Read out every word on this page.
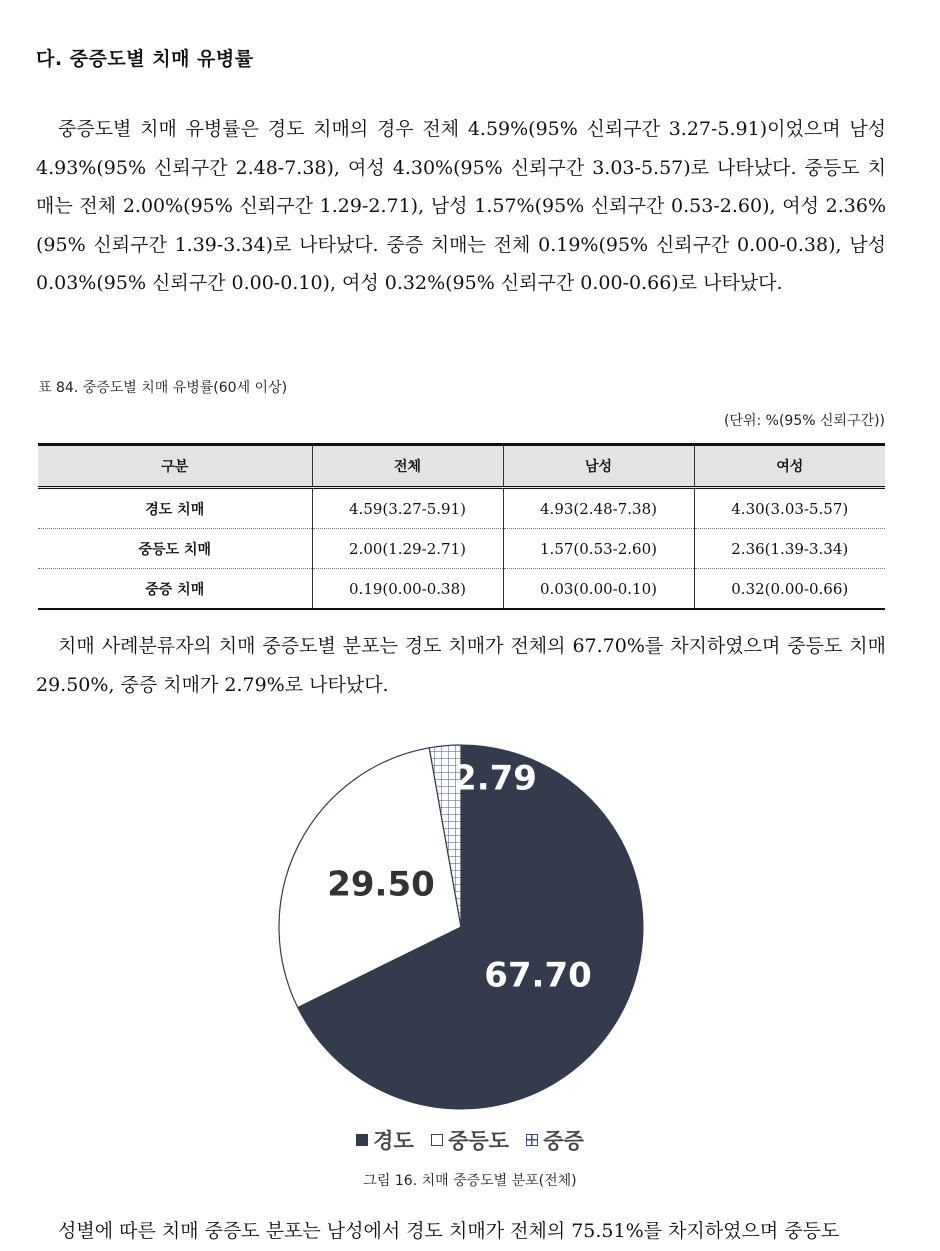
다. 중증도별 치매 유병률

중증도별 치매 유병률은 경도 치매의 경우 전체 4.59%(95% 신뢰구간 3.27-5.91)이었으며 남성 4.93%(95% 신뢰구간 2.48-7.38), 여성 4.30%(95% 신뢰구간 3.03-5.57)로 나타났다. 중등도 치매는 전체 2.00%(95% 신뢰구간 1.29-2.71), 남성 1.57%(95% 신뢰구간 0.53-2.60), 여성 2.36%(95% 신뢰구간 1.39-3.34)로 나타났다. 중증 치매는 전체 0.19%(95% 신뢰구간 0.00-0.38), 남성 0.03%(95% 신뢰구간 0.00-0.10), 여성 0.32%(95% 신뢰구간 0.00-0.66)로 나타났다.

표 84. 중증도별 치매 유병률(60세 이상)
(단위: %(95% 신뢰구간))
구분	전체	남성	여성
경도 치매	4.59(3.27-5.91)	4.93(2.48-7.38)	4.30(3.03-5.57)
중등도 치매	2.00(1.29-2.71)	1.57(0.53-2.60)	2.36(1.39-3.34)
중증 치매	0.19(0.00-0.38)	0.03(0.00-0.10)	0.32(0.00-0.66)

치매 사례분류자의 치매 중증도별 분포는 경도 치매가 전체의 67.70%를 차지하였으며 중등도 치매 29.50%, 중증 치매가 2.79%로 나타났다.

67.70
29.50
2.79
경도
중등도
중증
그림 16. 치매 중증도별 분포(전체)

성별에 따른 치매 중증도 분포는 남성에서 경도 치매가 전체의 75.51%를 차지하였으며 중등도
